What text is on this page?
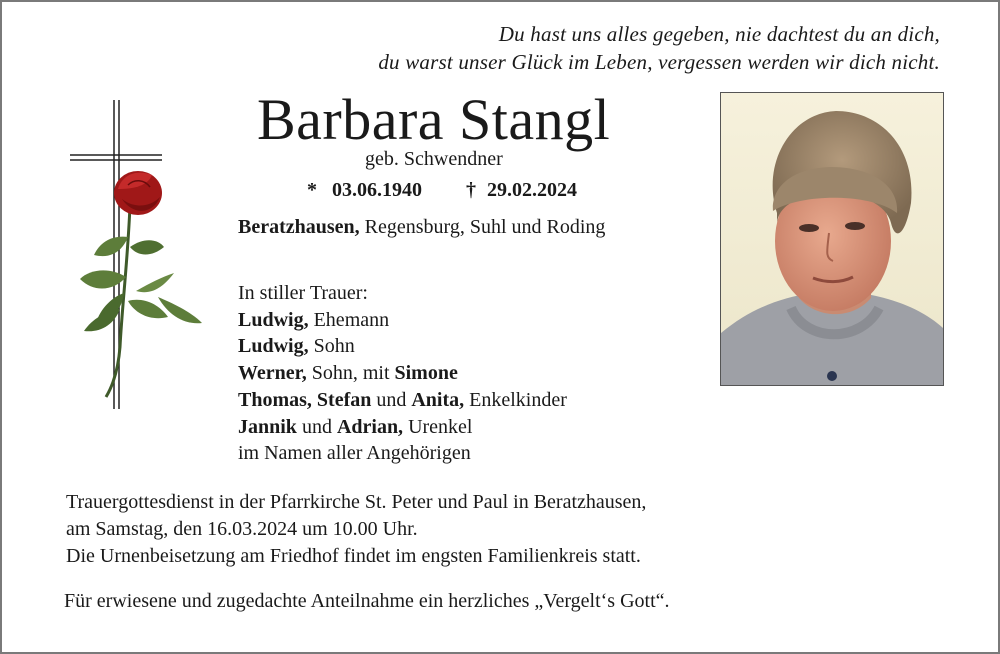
Du hast uns alles gegeben, nie dachtest du an dich,
du warst unser Glück im Leben, vergessen werden wir dich nicht.
Barbara Stangl
geb. Schwendner
* 03.06.1940 † 29.02.2024
Beratzhausen, Regensburg, Suhl und Roding
In stiller Trauer:
Ludwig, Ehemann
Ludwig, Sohn
Werner, Sohn, mit Simone
Thomas, Stefan und Anita, Enkelkinder
Jannik und Adrian, Urenkel
im Namen aller Angehörigen
Trauergottesdienst in der Pfarrkirche St. Peter und Paul in Beratzhausen,
am Samstag, den 16.03.2024 um 10.00 Uhr.
Die Urnenbeisetzung am Friedhof findet im engsten Familienkreis statt.
Für erwiesene und zugedachte Anteilnahme ein herzliches „Vergelt‘s Gott“.
